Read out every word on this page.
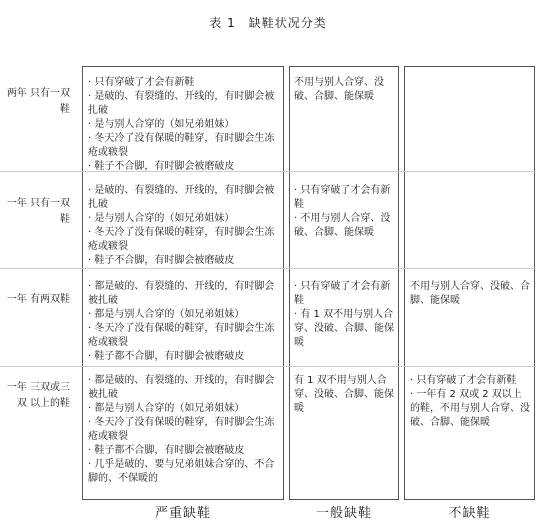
表 1　缺鞋状况分类
两年 只有一双鞋
· 只有穿破了才会有新鞋
· 是破的、有裂缝的、开线的，有时脚会被扎破
· 是与别人合穿的（如兄弟姐妹）
· 冬天冷了没有保暖的鞋穿，有时脚会生冻疮或皲裂
· 鞋子不合脚，有时脚会被磨破皮
不用与别人合穿、没破、合脚、能保暖
一年 只有一双鞋
· 是破的、有裂缝的、开线的，有时脚会被扎破
· 是与别人合穿的（如兄弟姐妹）
· 冬天冷了没有保暖的鞋穿，有时脚会生冻疮或皲裂
· 鞋子不合脚，有时脚会被磨破皮
· 只有穿破了才会有新鞋
· 不用与别人合穿、没破、合脚、能保暖
一年 有两双鞋
· 都是破的、有裂缝的、开线的，有时脚会被扎破
· 都是与别人合穿的（如兄弟姐妹）
· 冬天冷了没有保暖的鞋穿，有时脚会生冻疮或皲裂
· 鞋子都不合脚，有时脚会被磨破皮
· 只有穿破了才会有新鞋
· 有 1 双不用与别人合穿、没破、合脚、能保暖
不用与别人合穿、没破、合脚、能保暖
一年 三双或三双 以上的鞋
· 都是破的、有裂缝的、开线的，有时脚会被扎破
· 都是与别人合穿的（如兄弟姐妹）
· 冬天冷了没有保暖的鞋穿，有时脚会生冻疮或皲裂
· 鞋子都不合脚，有时脚会被磨破皮
· 几乎是破的、要与兄弟姐妹合穿的、不合脚的、不保暖的
有 1 双不用与别人合穿、没破、合脚、能保暖
· 只有穿破了才会有新鞋
· 一年有 2 双或 2 双以上的鞋，不用与别人合穿、没破、合脚、能保暖
严重缺鞋	一般缺鞋	不缺鞋
